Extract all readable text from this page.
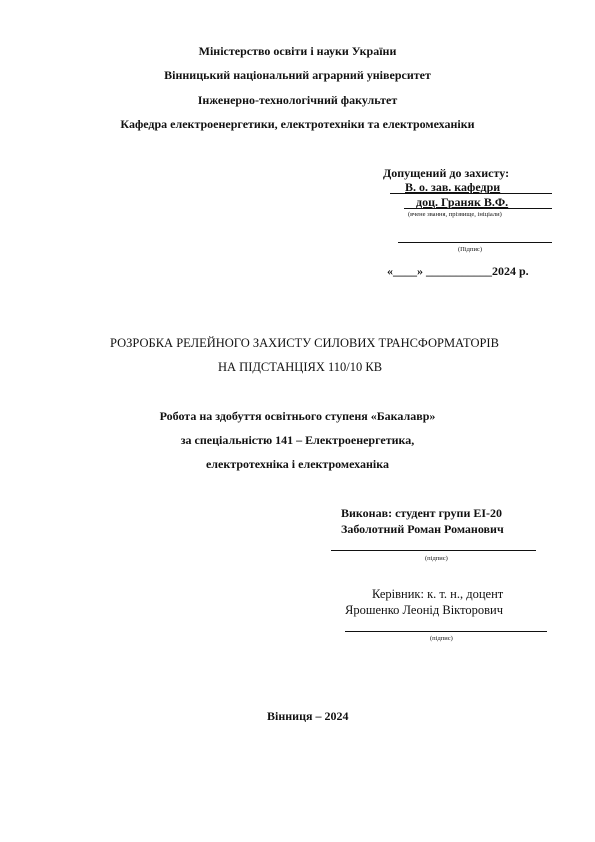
Міністерство освіти і науки України
Вінницький національний аграрний університет
Інженерно-технологічний факультет
Кафедра електроенергетики, електротехніки та електромеханіки
Допущений до захисту:
В. о. зав. кафедри
доц. Граняк В.Ф.
(вчене звання, прізвище, ініціали)
(Підпис)
«____» ___________2024 р.
РОЗРОБКА РЕЛЕЙНОГО ЗАХИСТУ СИЛОВИХ ТРАНСФОРМАТОРІВ
НА ПІДСТАНЦІЯХ 110/10 КВ
Робота на здобуття освітнього ступеня «Бакалавр»
за спеціальністю 141 – Електроенергетика,
електротехніка і електромеханіка
Виконав: студент групи ЕІ-20
Заболотний Роман Романович
(підпис)
Керівник: к. т. н., доцент
Ярошенко Леонід Вікторович
(підпис)
Вінниця – 2024
